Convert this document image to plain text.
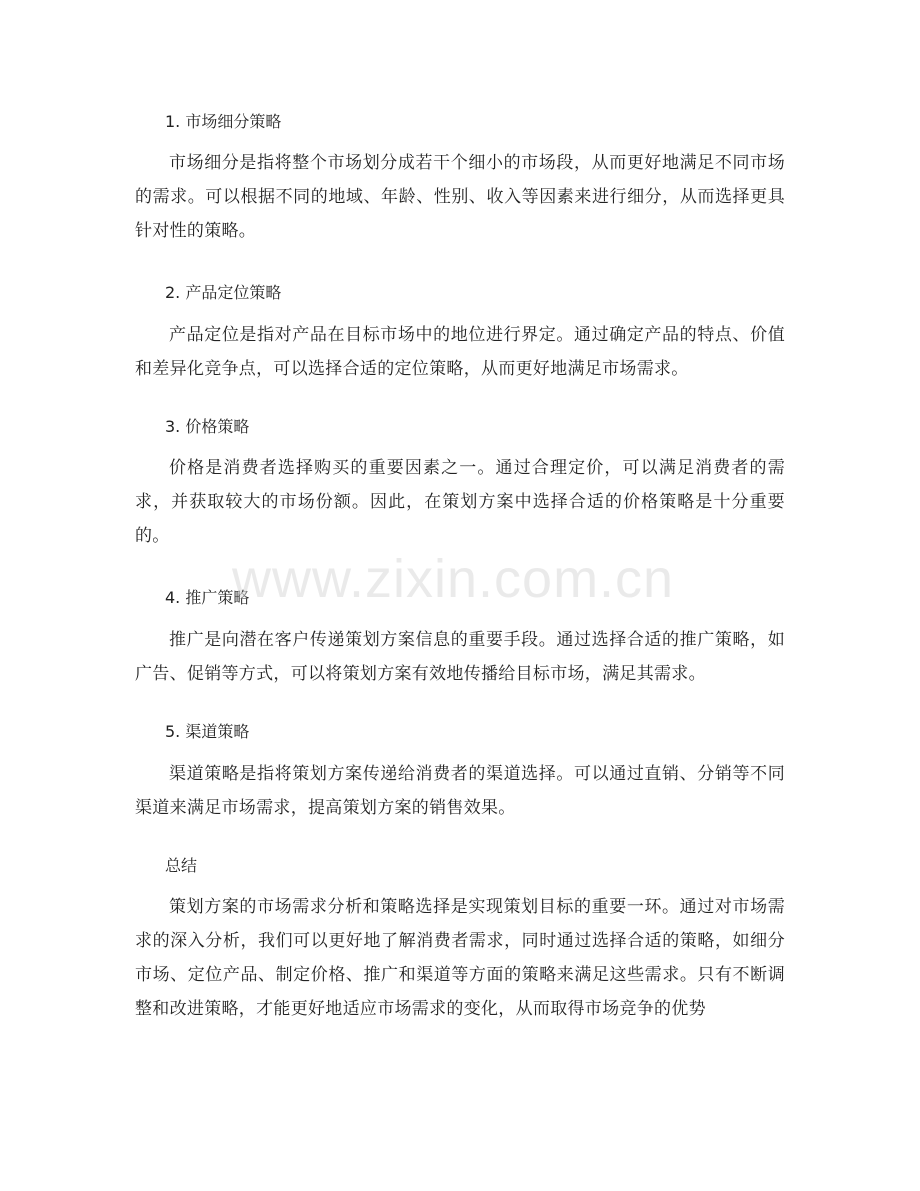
1. 市场细分策略
市场细分是指将整个市场划分成若干个细小的市场段，从而更好地满足不同市场的需求。可以根据不同的地域、年龄、性别、收入等因素来进行细分，从而选择更具针对性的策略。
2. 产品定位策略
产品定位是指对产品在目标市场中的地位进行界定。通过确定产品的特点、价值和差异化竞争点，可以选择合适的定位策略，从而更好地满足市场需求。
3. 价格策略
价格是消费者选择购买的重要因素之一。通过合理定价，可以满足消费者的需求，并获取较大的市场份额。因此，在策划方案中选择合适的价格策略是十分重要的。
4. 推广策略
推广是向潜在客户传递策划方案信息的重要手段。通过选择合适的推广策略，如广告、促销等方式，可以将策划方案有效地传播给目标市场，满足其需求。
5. 渠道策略
渠道策略是指将策划方案传递给消费者的渠道选择。可以通过直销、分销等不同渠道来满足市场需求，提高策划方案的销售效果。
总结
策划方案的市场需求分析和策略选择是实现策划目标的重要一环。通过对市场需求的深入分析，我们可以更好地了解消费者需求，同时通过选择合适的策略，如细分市场、定位产品、制定价格、推广和渠道等方面的策略来满足这些需求。只有不断调整和改进策略，才能更好地适应市场需求的变化，从而取得市场竞争的优势
www.zixin.com.cn
